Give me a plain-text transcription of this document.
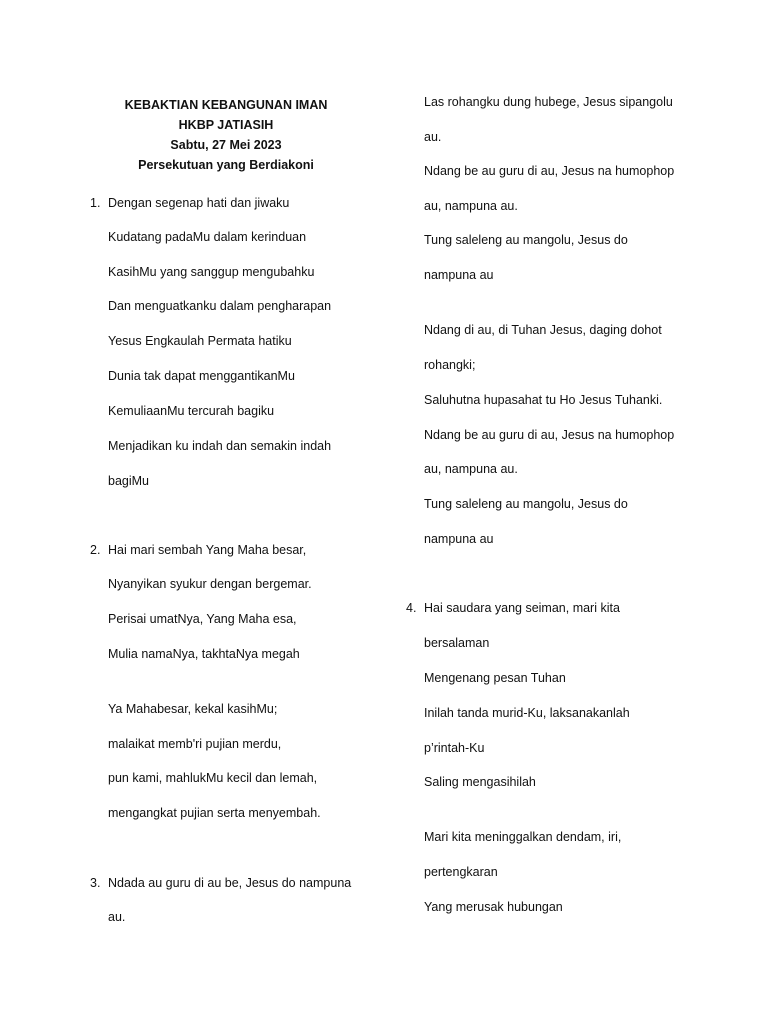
KEBAKTIAN KEBANGUNAN IMAN
HKBP JATIASIH
Sabtu, 27 Mei 2023
Persekutuan yang Berdiakoni
1. Dengan segenap hati dan jiwaku
Kudatang padaMu dalam kerinduan
KasihMu yang sanggup mengubahku
Dan menguatkanku dalam pengharapan
Yesus Engkaulah Permata hatiku
Dunia tak dapat menggantikanMu
KemuliaanMu tercurah bagiku
Menjadikan ku indah dan semakin indah
bagiMu
2. Hai mari sembah Yang Maha besar,
Nyanyikan syukur dengan bergemar.
Perisai umatNya, Yang Maha esa,
Mulia namaNya, takhtaNya megah
Ya Mahabesar, kekal kasihMu;
malaikat memb'ri pujian merdu,
pun kami, mahlukMu kecil dan lemah,
mengangkat pujian serta menyembah.
3. Ndada au guru di au be, Jesus do nampuna
au.
Las rohangku dung hubege, Jesus sipangolu
au.
Ndang be au guru di au, Jesus na humophop
au, nampuna au.
Tung saleleng au mangolu, Jesus do
nampuna au
Ndang di au, di Tuhan Jesus, daging dohot
rohangki;
Saluhutna hupasahat tu Ho Jesus Tuhanki.
Ndang be au guru di au, Jesus na humophop
au, nampuna au.
Tung saleleng au mangolu, Jesus do
nampuna au
4. Hai saudara yang seiman, mari kita
bersalaman
Mengenang pesan Tuhan
Inilah tanda murid-Ku, laksanakanlah
p’rintah-Ku
Saling mengasihilah
Mari kita meninggalkan dendam, iri,
pertengkaran
Yang merusak hubungan
